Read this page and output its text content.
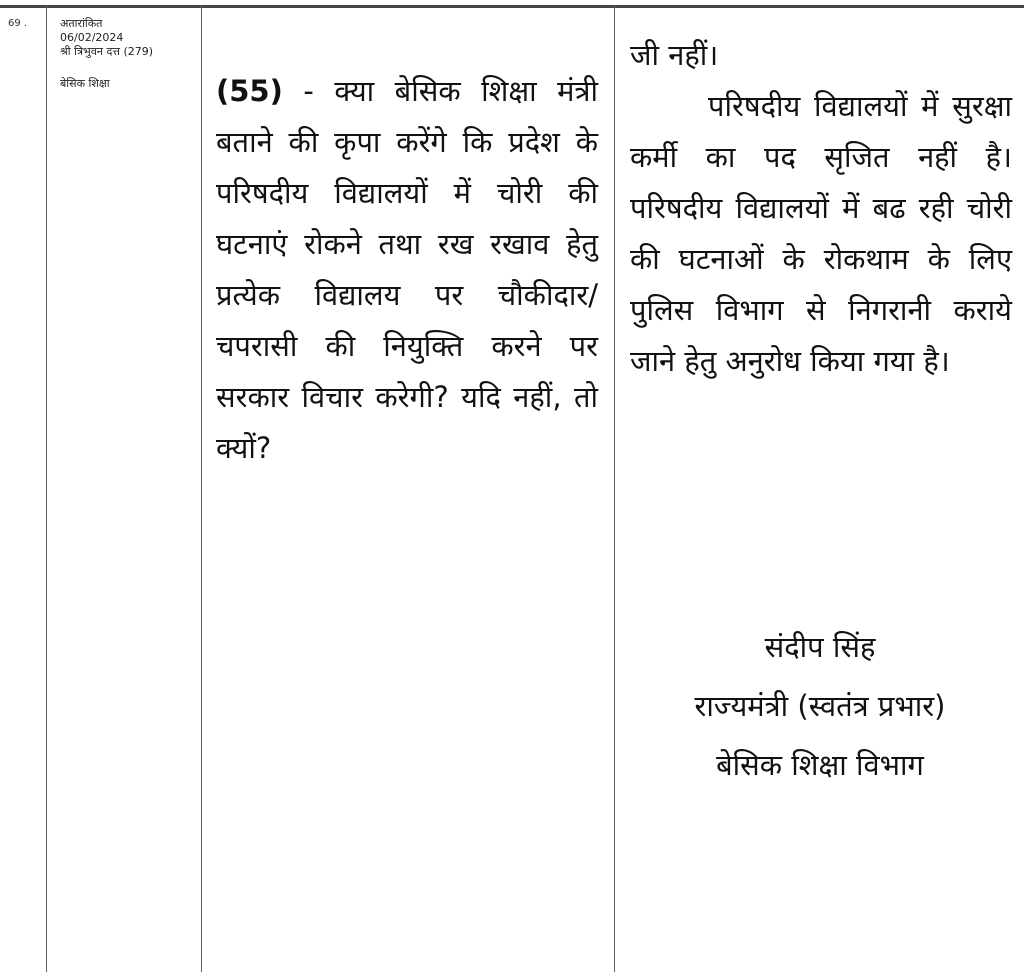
69 .	अतारांकित
06/02/2024
श्री त्रिभुवन दत्त (279)
बेसिक शिक्षा	(55) - क्या बेसिक शिक्षा मंत्री बताने की कृपा करेंगे कि प्रदेश के परिषदीय विद्यालयों में चोरी की घटनाएं रोकने तथा रख रखाव हेतु प्रत्येक विद्यालय पर चौकीदार/चपरासी की नियुक्ति करने पर सरकार विचार करेगी? यदि नहीं, तो क्यों?

जी नहीं।

परिषदीय विद्यालयों में सुरक्षा कर्मी का पद सृजित नहीं है। परिषदीय विद्यालयों में बढ रही चोरी की घटनाओं के रोकथाम के लिए पुलिस विभाग से निगरानी कराये जाने हेतु अनुरोध किया गया है।

संदीप सिंह
राज्यमंत्री (स्वतंत्र प्रभार)
बेसिक शिक्षा विभाग
